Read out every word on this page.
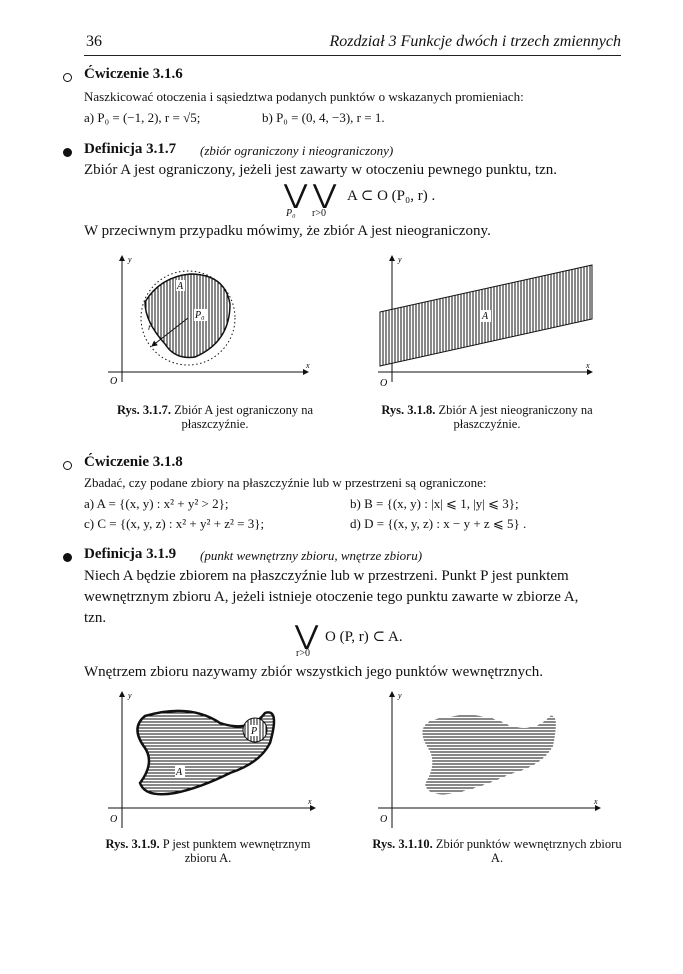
36	Rozdział 3 Funkcje dwóch i trzech zmiennych
Ćwiczenie 3.1.6
Naszkicować otoczenia i sąsiedztwa podanych punktów o wskazanych promieniach:
a) P₀ = (−1, 2), r = √5;	b) P₀ = (0, 4, −3), r = 1.
Definicja 3.1.7 (zbiór ograniczony i nieograniczony)
Zbiór A jest ograniczony, jeżeli jest zawarty w otoczeniu pewnego punktu, tzn.
⋁ ⋁ A ⊂ O (P₀, r) .
P₀ r>0
W przeciwnym przypadku mówimy, że zbiór A jest nieograniczony.
A
P₀
r
y
x
O
Rys. 3.1.7. Zbiór A jest ograniczony na płaszczyźnie.
A
y
x
O
Rys. 3.1.8. Zbiór A jest nieograniczony na płaszczyźnie.
Ćwiczenie 3.1.8
Zbadać, czy podane zbiory na płaszczyźnie lub w przestrzeni są ograniczone:
a) A = {(x, y) : x² + y² > 2};	b) B = {(x, y) : |x| ⩽ 1, |y| ⩽ 3};
c) C = {(x, y, z) : x² + y² + z² = 3};	d) D = {(x, y, z) : x − y + z ⩽ 5} .
Definicja 3.1.9 (punkt wewnętrzny zbioru, wnętrze zbioru)
Niech A będzie zbiorem na płaszczyźnie lub w przestrzeni. Punkt P jest punktem
wewnętrznym zbioru A, jeżeli istnieje otoczenie tego punktu zawarte w zbiorze A,
tzn.
⋁ O (P, r) ⊂ A.
r>0
Wnętrzem zbioru nazywamy zbiór wszystkich jego punktów wewnętrznych.
P
A
y
x
O
Rys. 3.1.9. P jest punktem wewnętrznym zbioru A.
y
x
O
Rys. 3.1.10. Zbiór punktów wewnętrznych zbioru A.
